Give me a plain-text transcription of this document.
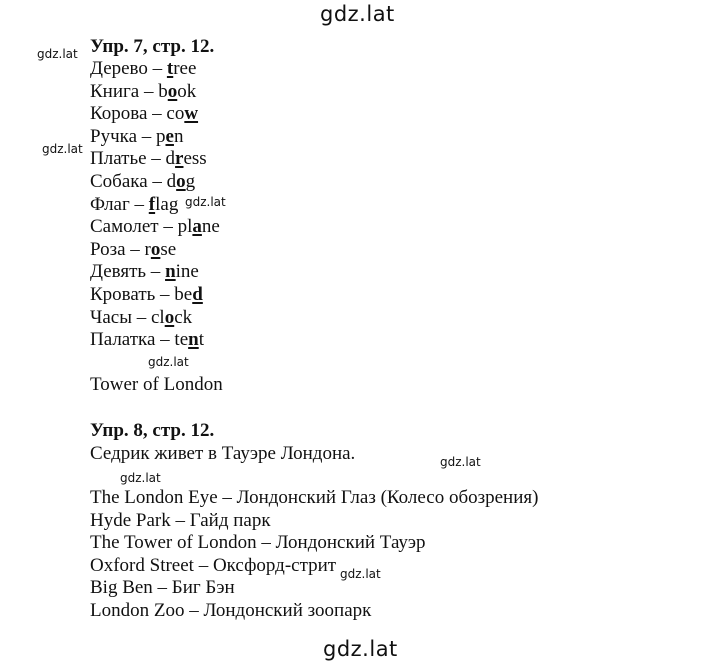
gdz.lat
gdz.lat
gdz.lat
gdz.lat
gdz.lat
gdz.lat
gdz.lat
gdz.lat
gdz.lat
Упр. 7, стр. 12.
Дерево – tree
Книга – book
Корова – cow
Ручка – pen
Платье – dress
Собака – dog
Флаг – flag
Самолет – plane
Роза – rose
Девять – nine
Кровать – bed
Часы – clock
Палатка – tent
Tower of London
Упр. 8, стр. 12.
Седрик живет в Тауэре Лондона.
The London Eye – Лондонский Глаз (Колесо обозрения)
Hyde Park – Гайд парк
The Tower of London – Лондонский Тауэр
Oxford Street – Оксфорд-стрит
Big Ben – Биг Бэн
London Zoo – Лондонский зоопарк
